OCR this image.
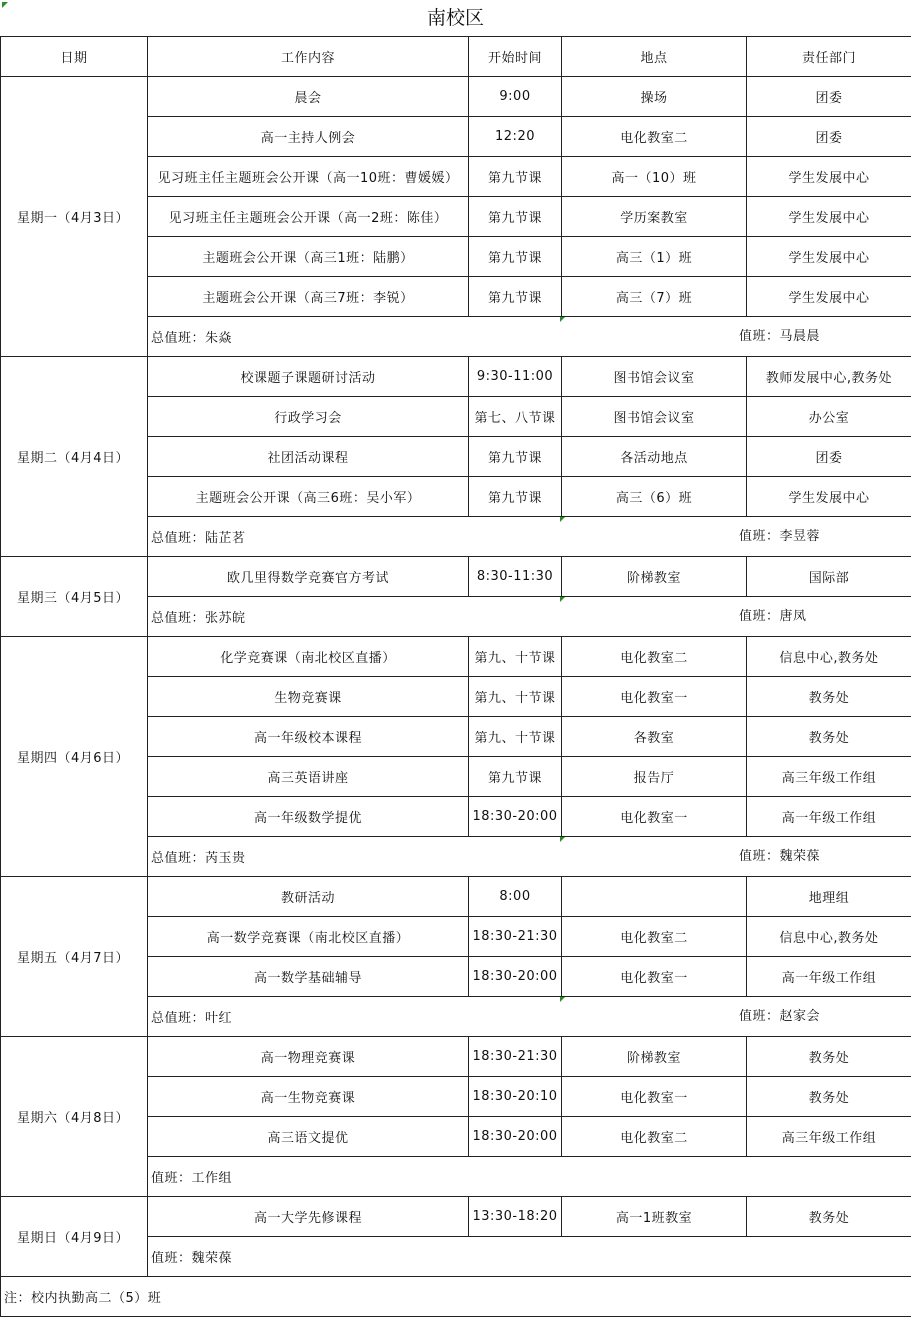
南校区
日期	工作内容	开始时间	地点	责任部门
星期一（4月3日）	晨会	9:00	操场	团委
	高一主持人例会	12:20	电化教室二	团委
	见习班主任主题班会公开课（高一10班：曹媛媛）	第九节课	高一（10）班	学生发展中心
	见习班主任主题班会公开课（高一2班：陈佳）	第九节课	学历案教室	学生发展中心
	主题班会公开课（高三1班：陆鹏）	第九节课	高三（1）班	学生发展中心
	主题班会公开课（高三7班：李锐）	第九节课	高三（7）班	学生发展中心
	总值班：朱焱 值班：马晨晨			

星期二（4月4日）	校课题子课题研讨活动	9:30-11:00	图书馆会议室	教师发展中心,教务处
	行政学习会	第七、八节课	图书馆会议室	办公室
	社团活动课程	第九节课	各活动地点	团委
	主题班会公开课（高三6班：吴小军）	第九节课	高三（6）班	学生发展中心
	总值班：陆芷茗 值班：李昱蓉			

星期三（4月5日）	欧几里得数学竞赛官方考试	8:30-11:30	阶梯教室	国际部
	总值班：张苏皖 值班：唐凤			

星期四（4月6日）	化学竞赛课（南北校区直播）	第九、十节课	电化教室二	信息中心,教务处
	生物竞赛课	第九、十节课	电化教室一	教务处
	高一年级校本课程	第九、十节课	各教室	教务处
	高三英语讲座	第九节课	报告厅	高三年级工作组
	高一年级数学提优	18:30-20:00	电化教室一	高一年级工作组
	总值班：芮玉贵 值班：魏荣葆			

星期五（4月7日）	教研活动	8:00		地理组
	高一数学竞赛课（南北校区直播）	18:30-21:30	电化教室二	信息中心,教务处
	高一数学基础辅导	18:30-20:00	电化教室一	高一年级工作组
	总值班：叶红 值班：赵家会			

星期六（4月8日）	高一物理竞赛课	18:30-21:30	阶梯教室	教务处
	高一生物竞赛课	18:30-20:10	电化教室一	教务处
	高三语文提优	18:30-20:00	电化教室二	高三年级工作组
	值班：工作组			
星期日（4月9日）	高一大学先修课程	13:30-18:20	高一1班教室	教务处
	值班：魏荣葆			
注：校内执勤高二（5）班				
